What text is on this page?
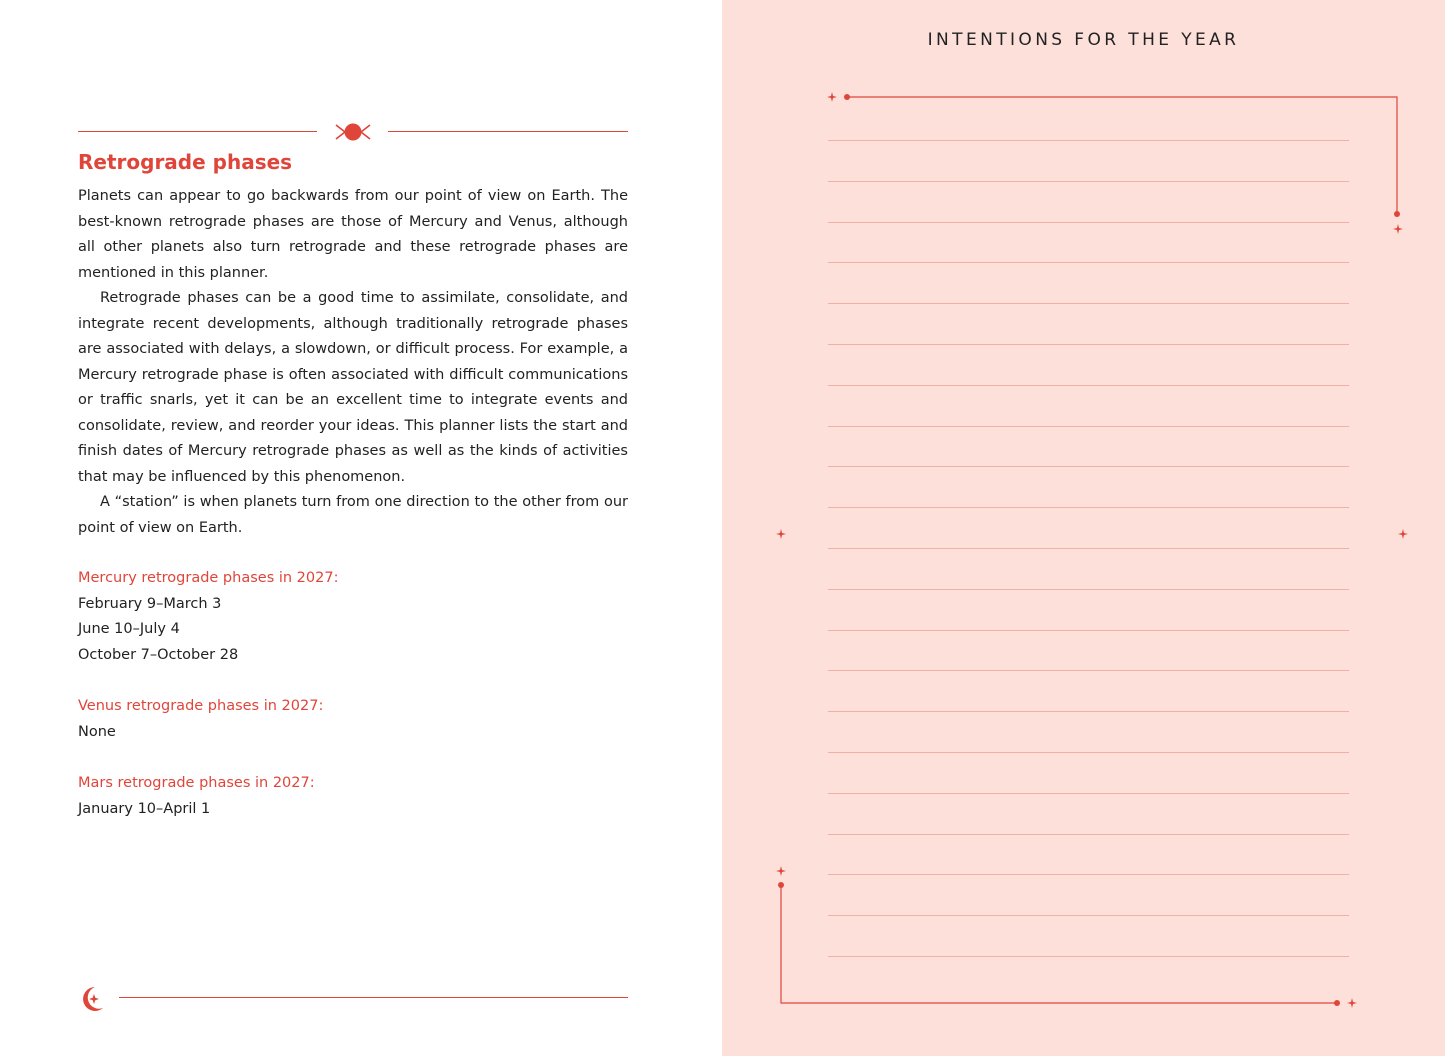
Retrograde phases

Planets can appear to go backwards from our point of view on Earth. The best-known retrograde phases are those of Mercury and Venus, although all other planets also turn retrograde and these retrograde phases are mentioned in this planner.

Retrograde phases can be a good time to assimilate, consolidate, and integrate recent developments, although traditionally retrograde phases are associated with delays, a slowdown, or difficult process. For example, a Mercury retrograde phase is often associated with difficult communications or traffic snarls, yet it can be an excellent time to integrate events and consolidate, review, and reorder your ideas. This planner lists the start and finish dates of Mercury retrograde phases as well as the kinds of activities that may be influenced by this phenomenon.

A “station” is when planets turn from one direction to the other from our point of view on Earth.

Mercury retrograde phases in 2027:
February 9–March 3
June 10–July 4
October 7–October 28
Venus retrograde phases in 2027:
None
Mars retrograde phases in 2027:
January 10–April 1
INTENTIONS FOR THE YEAR
